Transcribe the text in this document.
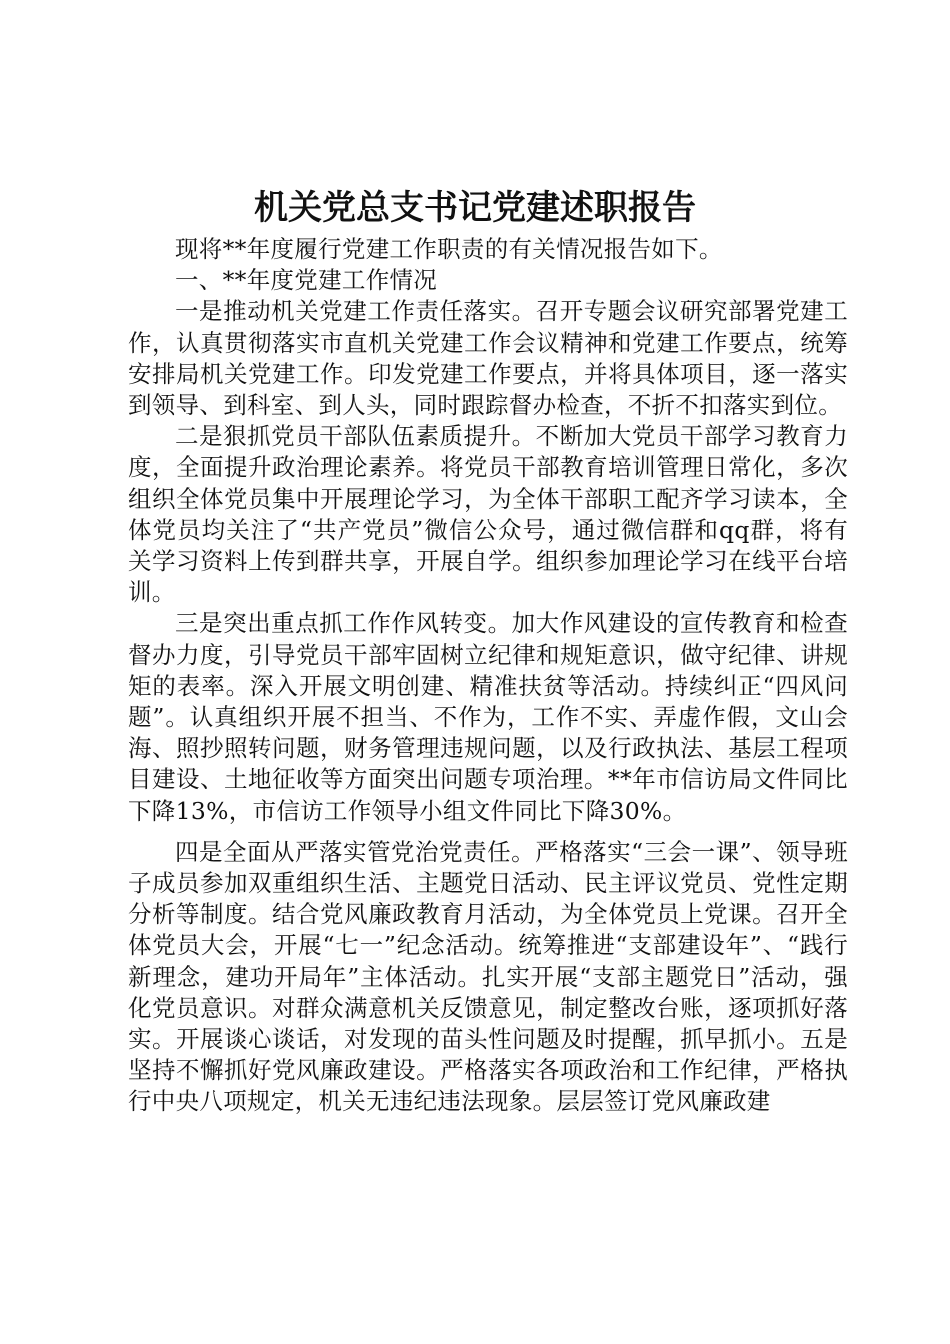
机关党总支书记党建述职报告

现将**年度履行党建工作职责的有关情况报告如下。

一、**年度党建工作情况

一是推动机关党建工作责任落实。召开专题会议研究部署党建工作，认真贯彻落实市直机关党建工作会议精神和党建工作要点，统筹安排局机关党建工作。印发党建工作要点，并将具体项目，逐一落实到领导、到科室、到人头，同时跟踪督办检查，不折不扣落实到位。

二是狠抓党员干部队伍素质提升。不断加大党员干部学习教育力度，全面提升政治理论素养。将党员干部教育培训管理日常化，多次组织全体党员集中开展理论学习，为全体干部职工配齐学习读本，全体党员均关注了“共产党员”微信公众号，通过微信群和qq群，将有关学习资料上传到群共享，开展自学。组织参加理论学习在线平台培训。

三是突出重点抓工作作风转变。加大作风建设的宣传教育和检查督办力度，引导党员干部牢固树立纪律和规矩意识，做守纪律、讲规矩的表率。深入开展文明创建、精准扶贫等活动。持续纠正“四风问题”。认真组织开展不担当、不作为，工作不实、弄虚作假，文山会海、照抄照转问题，财务管理违规问题，以及行政执法、基层工程项目建设、土地征收等方面突出问题专项治理。**年市信访局文件同比下降13%，市信访工作领导小组文件同比下降30%。

四是全面从严落实管党治党责任。严格落实“三会一课”、领导班子成员参加双重组织生活、主题党日活动、民主评议党员、党性定期分析等制度。结合党风廉政教育月活动，为全体党员上党课。召开全体党员大会，开展“七一”纪念活动。统筹推进“支部建设年”、“践行新理念，建功开局年”主体活动。扎实开展“支部主题党日”活动，强化党员意识。对群众满意机关反馈意见，制定整改台账，逐项抓好落实。开展谈心谈话，对发现的苗头性问题及时提醒，抓早抓小。五是坚持不懈抓好党风廉政建设。严格落实各项政治和工作纪律，严格执行中央八项规定，机关无违纪违法现象。层层签订党风廉政建
